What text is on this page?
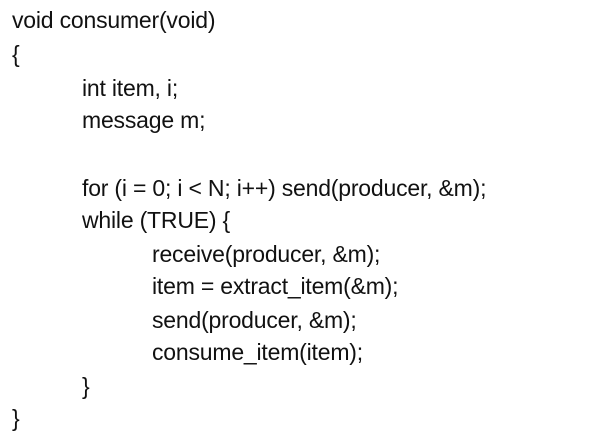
void consumer(void)
{
int item, i;
message m;
for (i = 0; i < N; i++) send(producer, &m);
while (TRUE) {
receive(producer, &m);
item = extract_item(&m);
send(producer, &m);
consume_item(item);
}
}
